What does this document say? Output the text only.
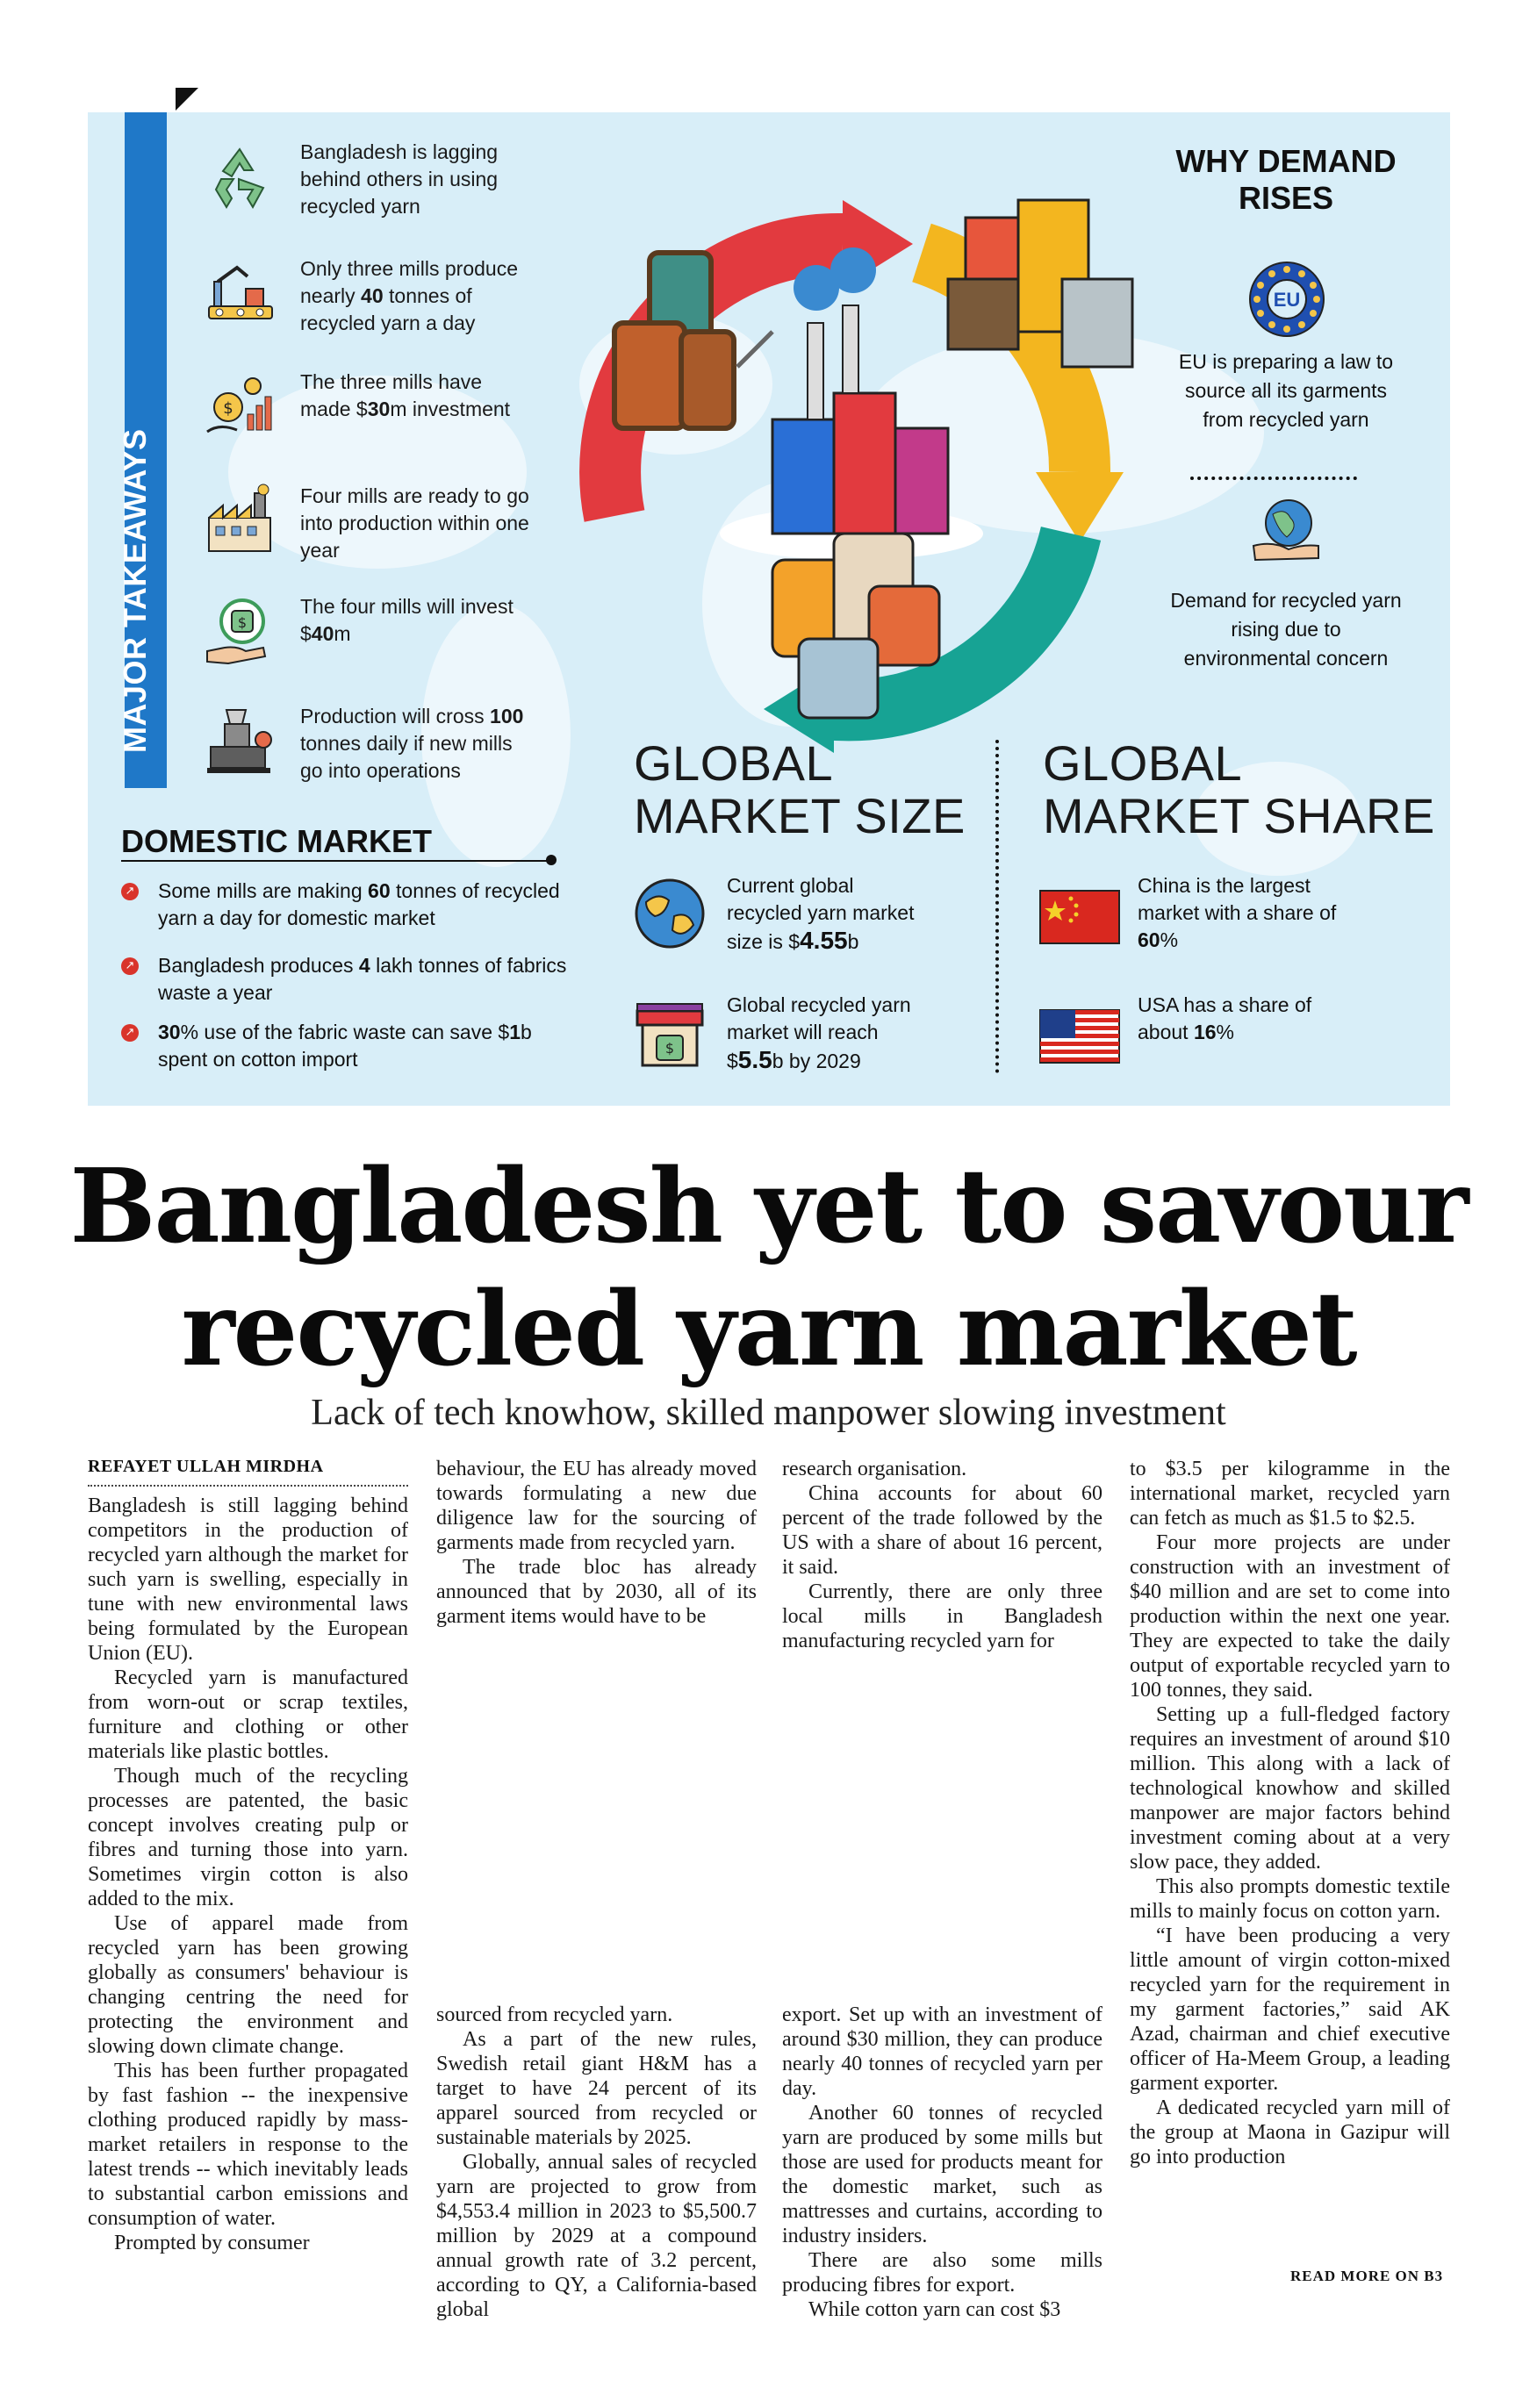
MAJOR TAKEAWAYS
Bangladesh is lagging behind others in using recycled yarn
Only three mills produce nearly 40 tonnes of recycled yarn a day
$
The three mills have made $30m investment
Four mills are ready to go into production within one year
$
The four mills will invest $40m
Production will cross 100 tonnes daily if new mills go into operations
DOMESTIC MARKET
↗ Some mills are making 60 tonnes of recycled yarn a day for domestic market
↗ Bangladesh produces 4 lakh tonnes of fabrics waste a year
↗ 30% use of the fabric waste can save $1b spent on cotton import
WHY DEMAND
RISES
EU
EU is preparing a law to source all its garments from recycled yarn
Demand for recycled yarn rising due to environmental concern
GLOBAL
MARKET SIZE
Current global recycled yarn market size is $4.55b
$
Global recycled yarn market will reach $5.5b by 2029
GLOBAL
MARKET SHARE
China is the largest market with a share of 60%
USA has a share of about 16%
Bangladesh yet to savour
recycled yarn market
Lack of tech knowhow, skilled manpower slowing investment
REFAYET ULLAH MIRDHA

Bangladesh is still lagging behind competitors in the production of recycled yarn although the market for such yarn is swelling, especially in tune with new environmental laws being formulated by the European Union (EU).

Recycled yarn is manufactured from worn-out or scrap textiles, furniture and clothing or other materials like plastic bottles.

Though much of the recycling processes are patented, the basic concept involves creating pulp or fibres and turning those into yarn. Sometimes virgin cotton is also added to the mix.

Use of apparel made from recycled yarn has been growing globally as consumers' behaviour is changing centring the need for protecting the environment and slowing down climate change.

This has been further propagated by fast fashion -- the inexpensive clothing produced rapidly by mass-market retailers in response to the latest trends -- which inevitably leads to substantial carbon emissions and consumption of water.

Prompted by consumer

behaviour, the EU has already moved towards formulating a new due diligence law for the sourcing of garments made from recycled yarn.

The trade bloc has already announced that by 2030, all of its garment items would have to be

sourced from recycled yarn.

As a part of the new rules, Swedish retail giant H&M has a target to have 24 percent of its apparel sourced from recycled or sustainable materials by 2025.

Globally, annual sales of recycled yarn are projected to grow from $4,553.4 million in 2023 to $5,500.7 million by 2029 at a compound annual growth rate of 3.2 percent, according to QY, a California-based global

research organisation.

China accounts for about 60 percent of the trade followed by the US with a share of about 16 percent, it said.

Currently, there are only three local mills in Bangladesh manufacturing recycled yarn for

export. Set up with an investment of around $30 million, they can produce nearly 40 tonnes of recycled yarn per day.

Another 60 tonnes of recycled yarn are produced by some mills but those are used for products meant for the domestic market, such as mattresses and curtains, according to industry insiders.

There are also some mills producing fibres for export.

While cotton yarn can cost $3

to $3.5 per kilogramme in the international market, recycled yarn can fetch as much as $1.5 to $2.5.

Four more projects are under construction with an investment of $40 million and are set to come into production within the next one year. They are expected to take the daily output of exportable recycled yarn to 100 tonnes, they said.

Setting up a full-fledged factory requires an investment of around $10 million. This along with a lack of technological knowhow and skilled manpower are major factors behind investment coming about at a very slow pace, they added.

This also prompts domestic textile mills to mainly focus on cotton yarn.

“I have been producing a very little amount of virgin cotton-mixed recycled yarn for the requirement in my garment factories,” said AK Azad, chairman and chief executive officer of Ha-Meem Group, a leading garment exporter.

A dedicated recycled yarn mill of the group at Maona in Gazipur will go into production

READ MORE ON B3
